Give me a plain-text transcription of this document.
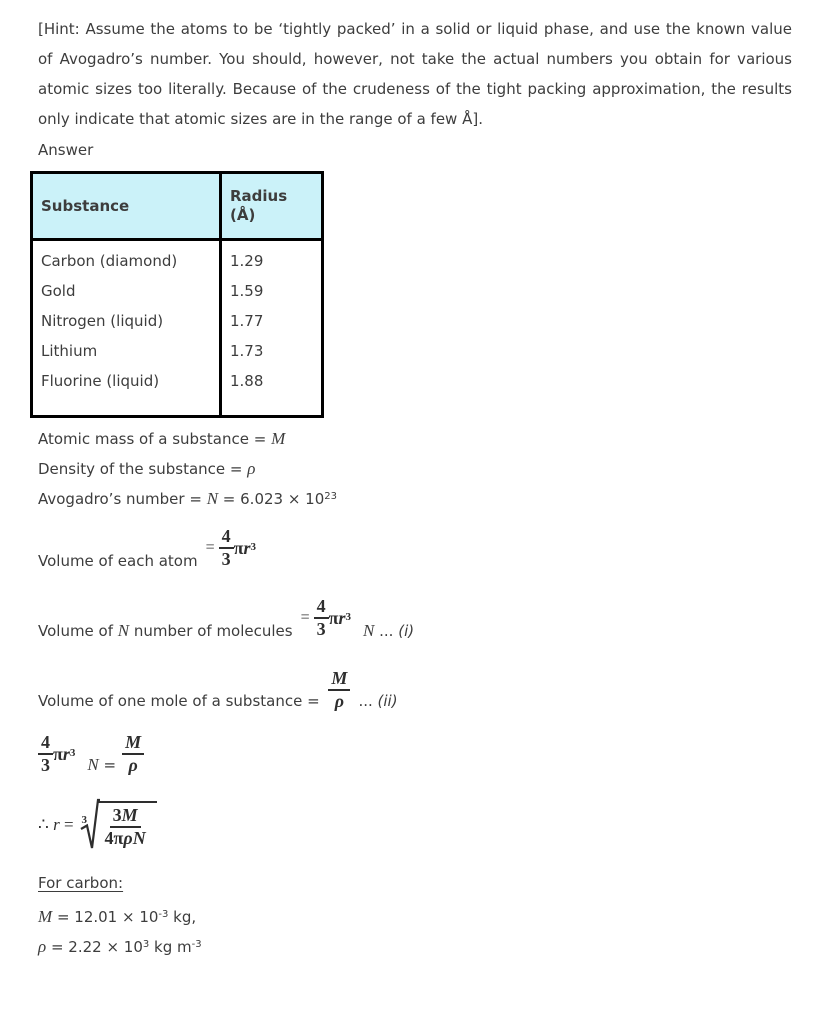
[Hint: Assume the atoms to be ‘tightly packed’ in a solid or liquid phase, and use the known value of Avogadro’s number. You should, however, not take the actual numbers you obtain for various atomic sizes too literally. Because of the crudeness of the tight packing approximation, the results only indicate that atomic sizes are in the range of a few Å].

Answer

Substance	Radius (Å)
Carbon (diamond)	1.29
Gold	1.59
Nitrogen (liquid)	1.77
Lithium	1.73
Fluorine (liquid)	1.88

Atomic mass of a substance = M

Density of the substance = ρ

Avogadro’s number = $N = 6.023 \times 10^{23}$

Volume of each atom
= $\frac{4}{3} \pi r^3$
Volume of N number of molecules
= $\frac{4}{3} \pi r^3$
N ... (i)
Volume of one mole of a substance = $\frac{M}{\rho}$ ... (ii)
$\frac{4}{3} \pi r^3$
$N = \frac{M}{\rho}$
∴ $r = 3 \frac{3M}{\text{4πρN}}$

For carbon:

$M = 12.01 \times 10^{-3}$ kg,

$\rho = 2.22 \times 10^3$ kg $m^{-3}$
